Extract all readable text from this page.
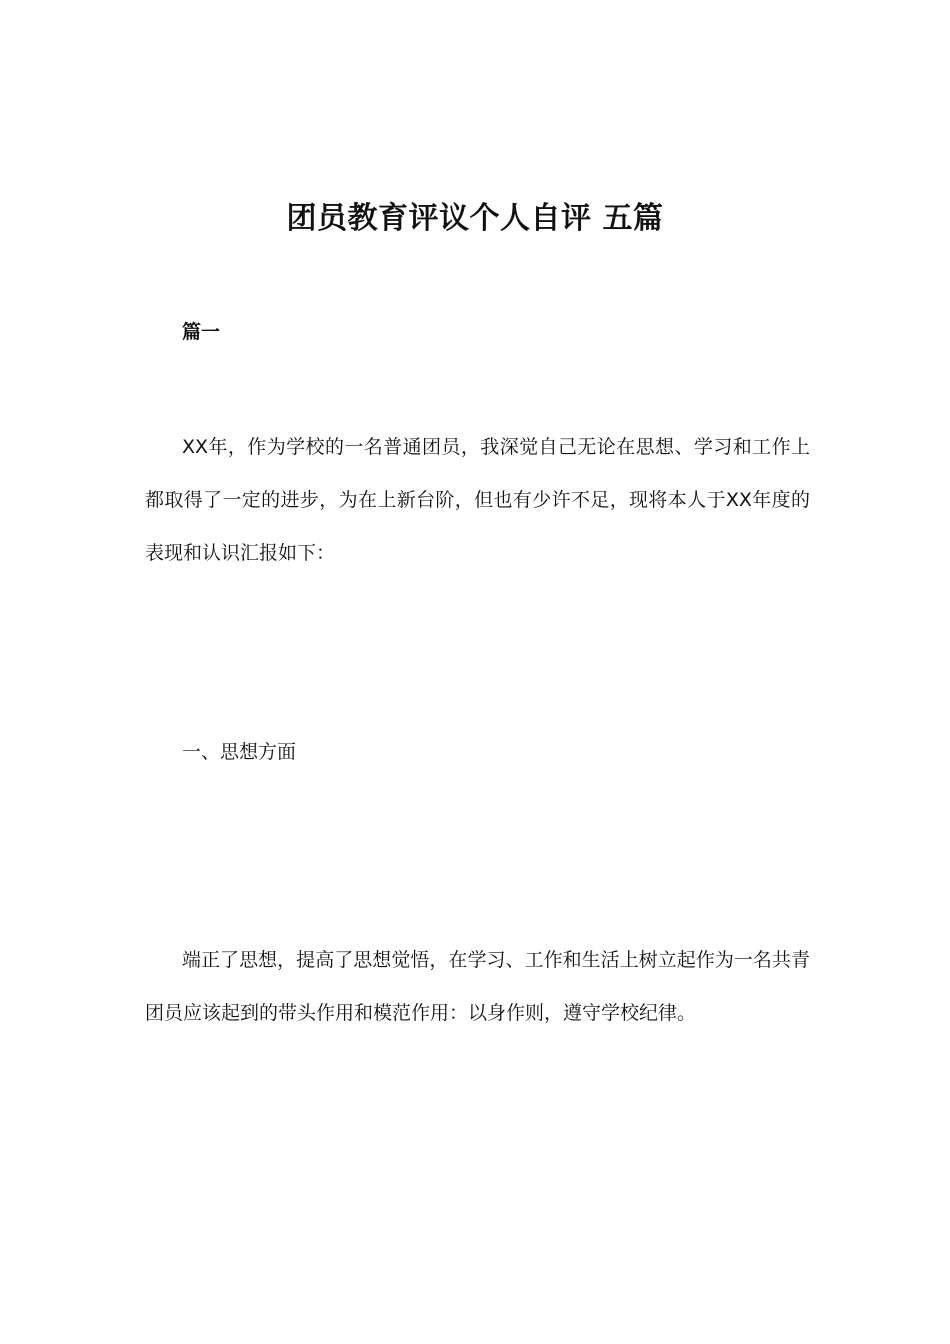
团员教育评议个人自评 五篇
篇一

XX年，作为学校的一名普通团员，我深觉自己无论在思想、学习和工作上都取得了一定的进步，为在上新台阶，但也有少许不足，现将本人于XX年度的表现和认识汇报如下：

一、思想方面

端正了思想，提高了思想觉悟，在学习、工作和生活上树立起作为一名共青团员应该起到的带头作用和模范作用：以身作则，遵守学校纪律。
